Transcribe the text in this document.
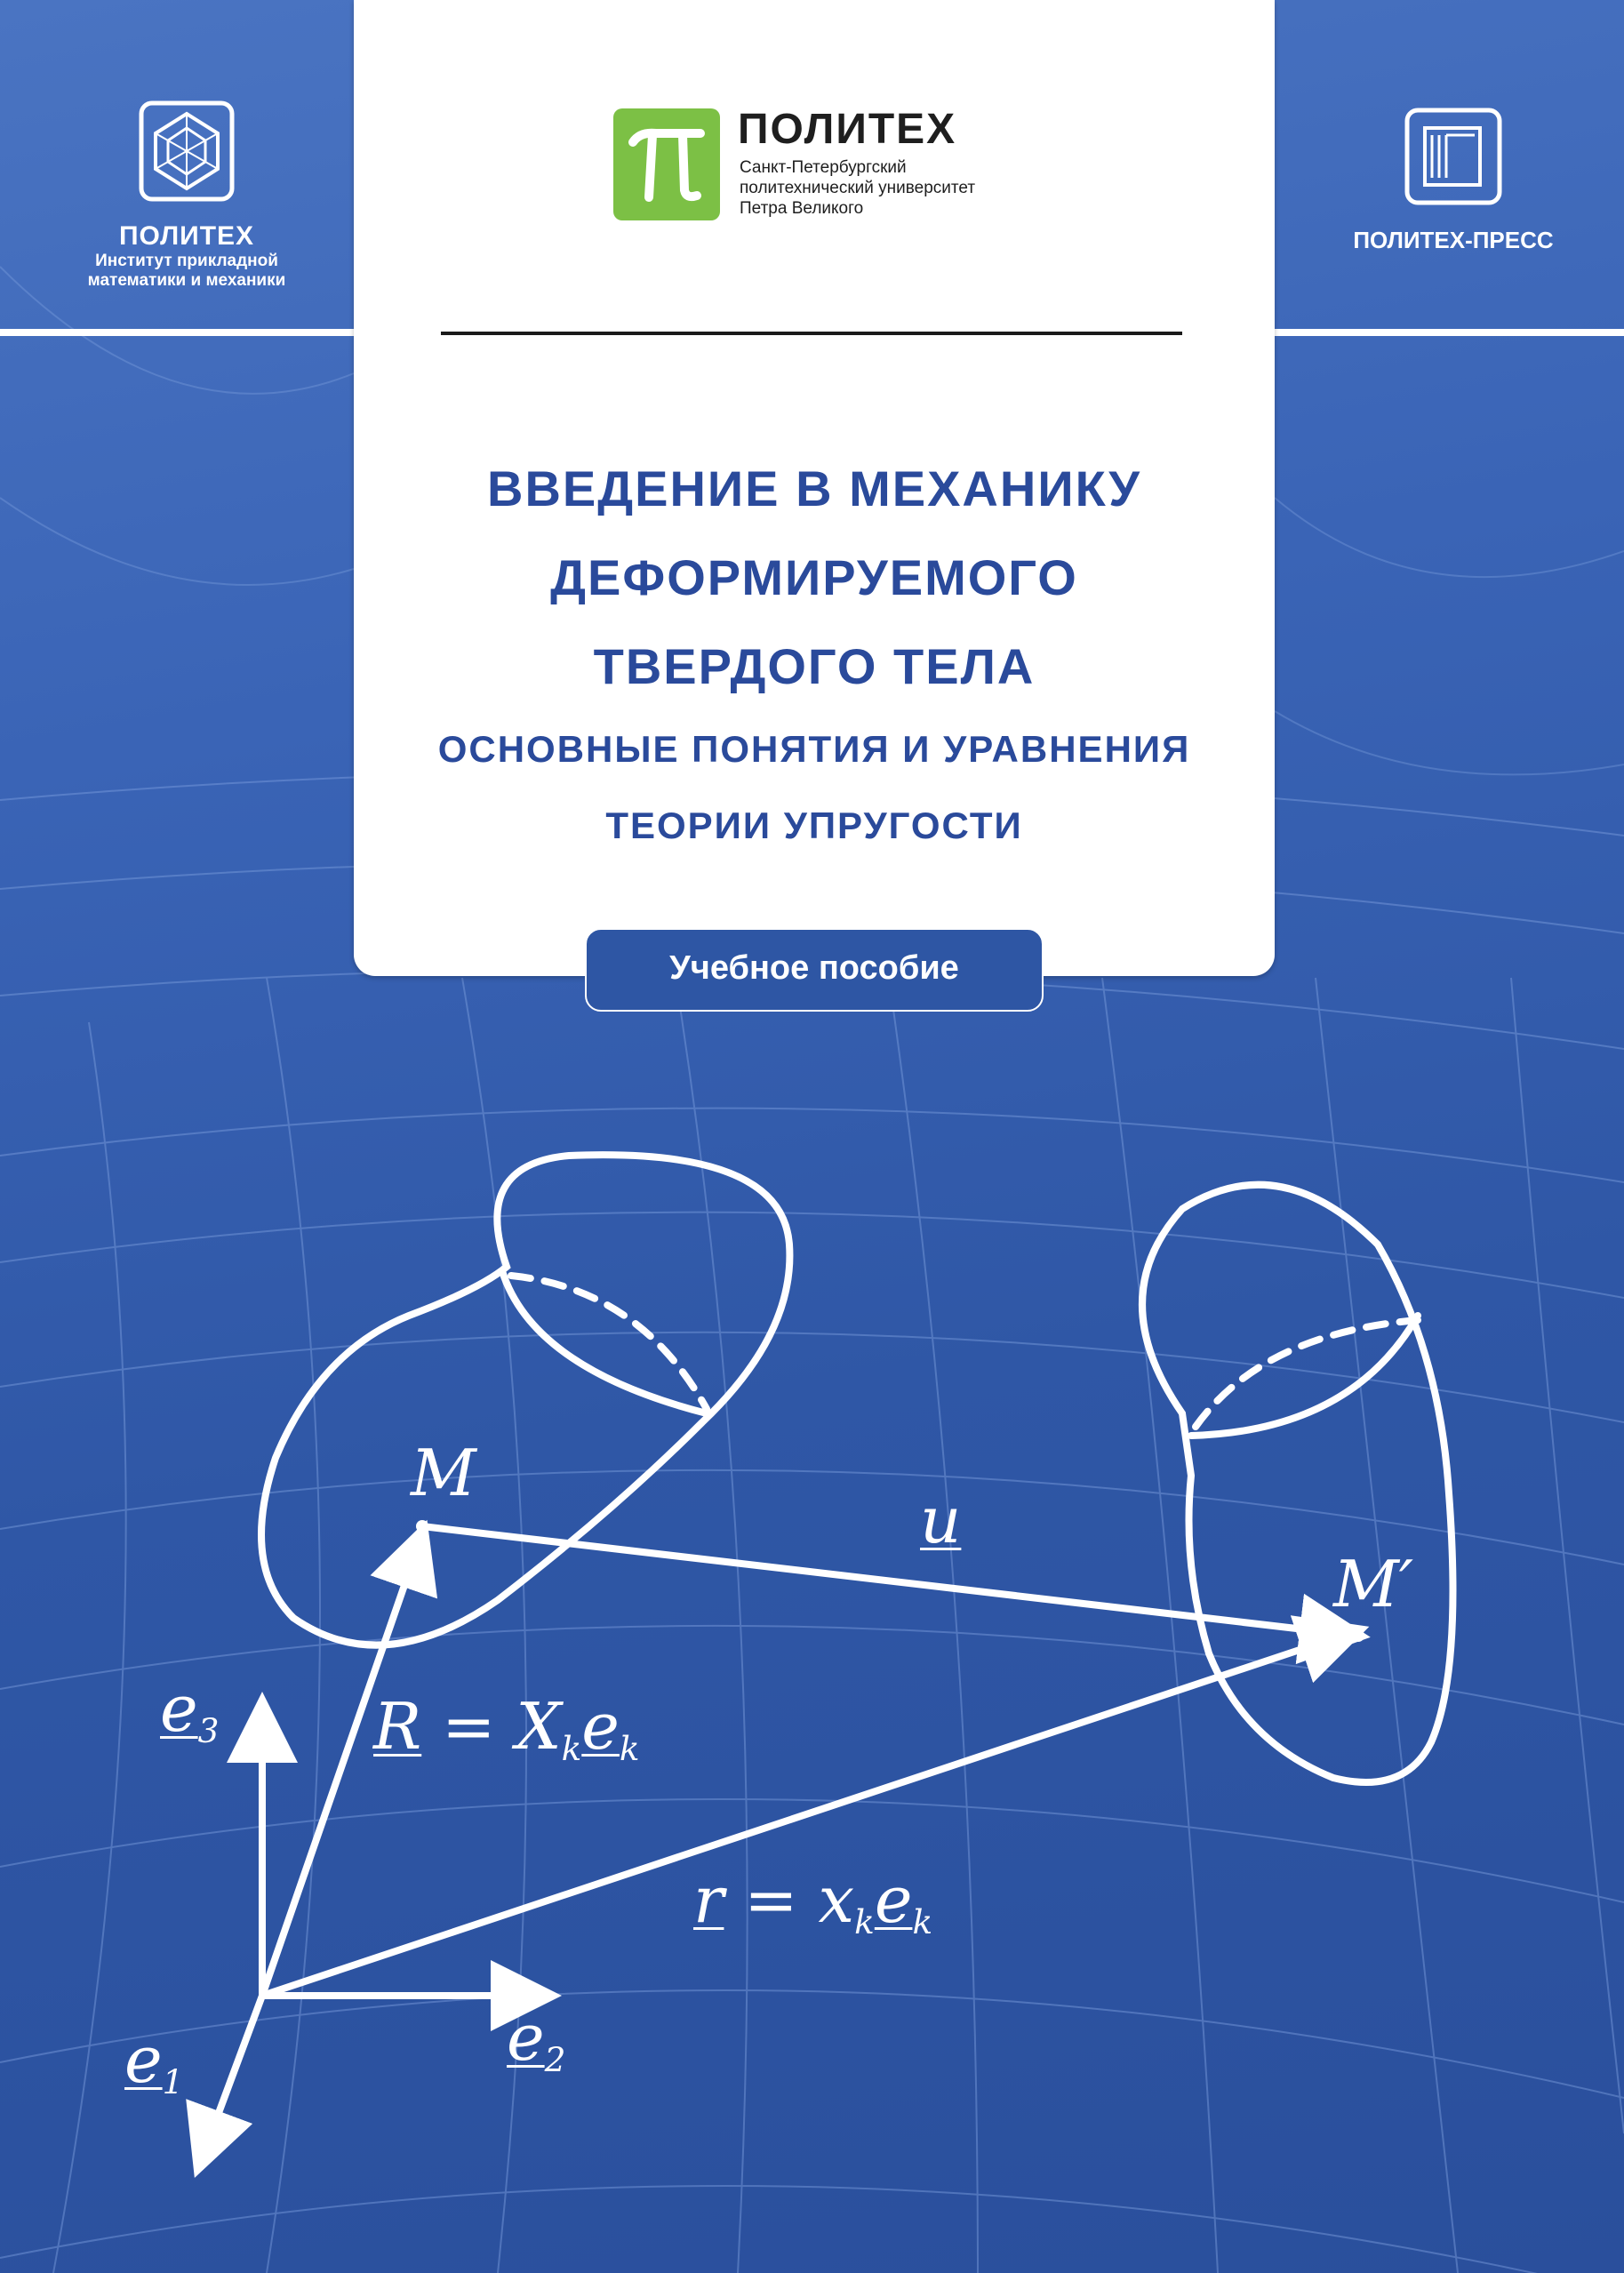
ПОЛИТЕХ
Институт прикладной
математики и механики
ПОЛИТЕХ-ПРЕСС
ПОЛИТЕХ
Санкт-Петербургский
политехнический университет
Петра Великого
ВВЕДЕНИЕ В МЕХАНИКУ
ДЕФОРМИРУЕМОГО
ТВЕРДОГО ТЕЛА
ОСНОВНЫЕ ПОНЯТИЯ И УРАВНЕНИЯ
ТЕОРИИ УПРУГОСТИ
Учебное пособие
M
M′
u
$R = X_ke_k$
$r = x_ke_k$
$e_3$
$e_2$
$e_1$
